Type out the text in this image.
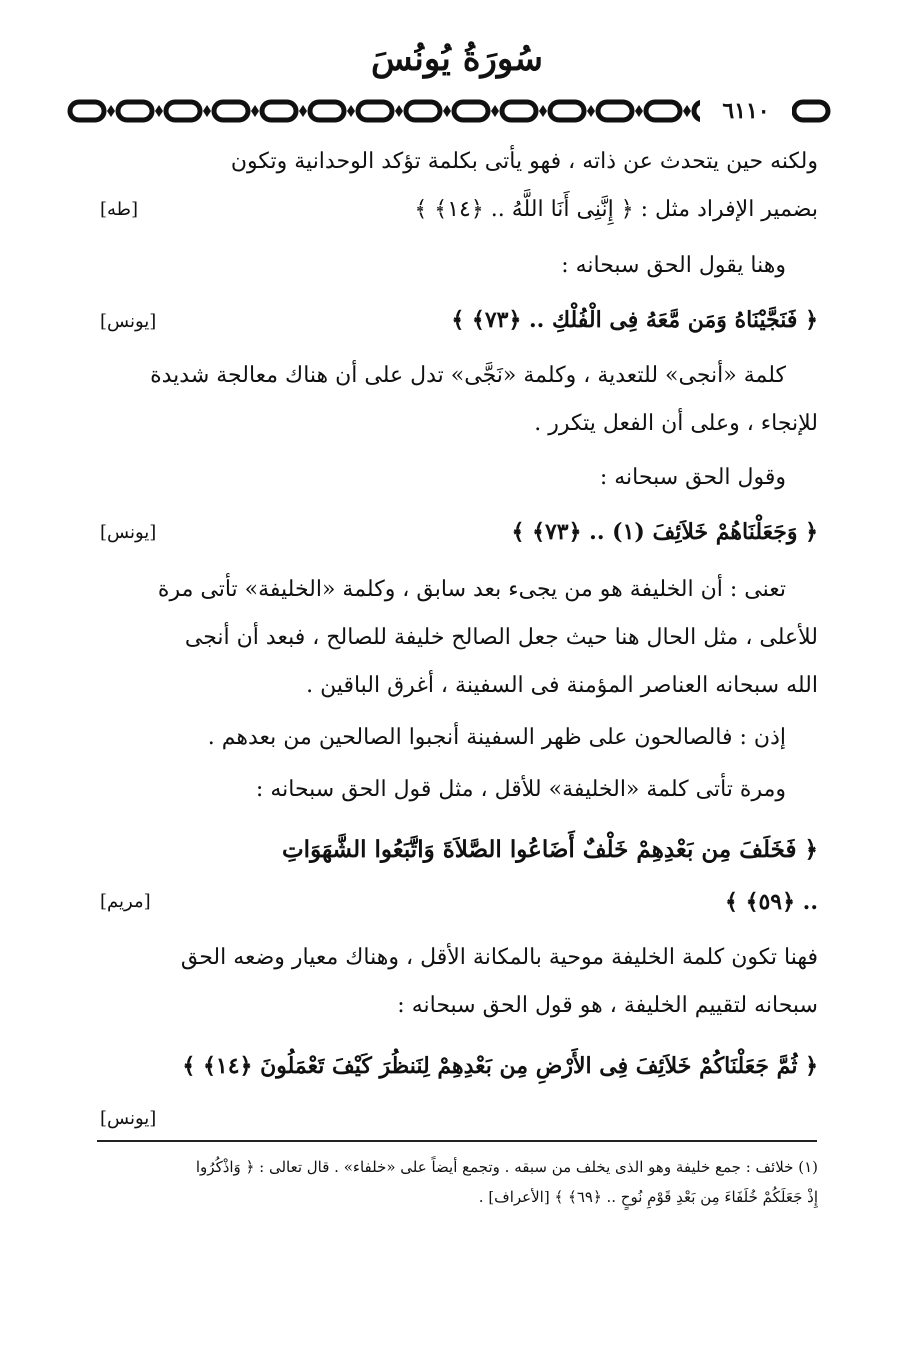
سُورَةُ يُونُسَ
٦١١٠
ولكنه حين يتحدث عن ذاته ، فهو يأتى بكلمة تؤكد الوحدانية وتكون
بضمير الإفراد مثل : ﴿ إِنَّنِى أَنَا اللَّهُ .. ﴿١٤﴾ ﴾
[طه]
وهنا يقول الحق سبحانه :
﴿ فَنَجَّيْنَاهُ وَمَن مَّعَهُ فِى الْفُلْكِ .. ﴿٧٣﴾ ﴾
[يونس]
كلمة «أنجى» للتعدية ، وكلمة «نَجَّى» تدل على أن هناك معالجة شديدة
للإنجاء ، وعلى أن الفعل يتكرر .
وقول الحق سبحانه :
﴿ وَجَعَلْنَاهُمْ خَلاَئِفَ (١) .. ﴿٧٣﴾ ﴾
[يونس]
تعنى : أن الخليفة هو من يجىء بعد سابق ، وكلمة «الخليفة» تأتى مرة
للأعلى ، مثل الحال هنا حيث جعل الصالح خليفة للصالح ، فبعد أن أنجى
الله سبحانه العناصر المؤمنة فى السفينة ، أغرق الباقين .
إذن : فالصالحون على ظهر السفينة أنجبوا الصالحين من بعدهم .
ومرة تأتى كلمة «الخليفة» للأقل ، مثل قول الحق سبحانه :
﴿ فَخَلَفَ مِن بَعْدِهِمْ خَلْفٌ أَضَاعُوا الصَّلاَةَ وَاتَّبَعُوا الشَّهَوَاتِ
.. ﴿٥٩﴾ ﴾
[مريم]
فهنا تكون كلمة الخليفة موحية بالمكانة الأقل ، وهناك معيار وضعه الحق
سبحانه لتقييم الخليفة ، هو قول الحق سبحانه :
﴿ ثُمَّ جَعَلْنَاكُمْ خَلاَئِفَ فِى الأَرْضِ مِن بَعْدِهِمْ لِنَنظُرَ كَيْفَ تَعْمَلُونَ ﴿١٤﴾ ﴾
[يونس]
(١) خلائف : جمع خليفة وهو الذى يخلف من سبقه . وتجمع أيضاً على «خلفاء» . قال تعالى : ﴿ وَاذْكُرُوا
إِذْ جَعَلَكُمْ خُلَفَاءَ مِن بَعْدِ قَوْمِ نُوحٍ .. ﴿٦٩﴾ ﴾ [الأعراف] .
